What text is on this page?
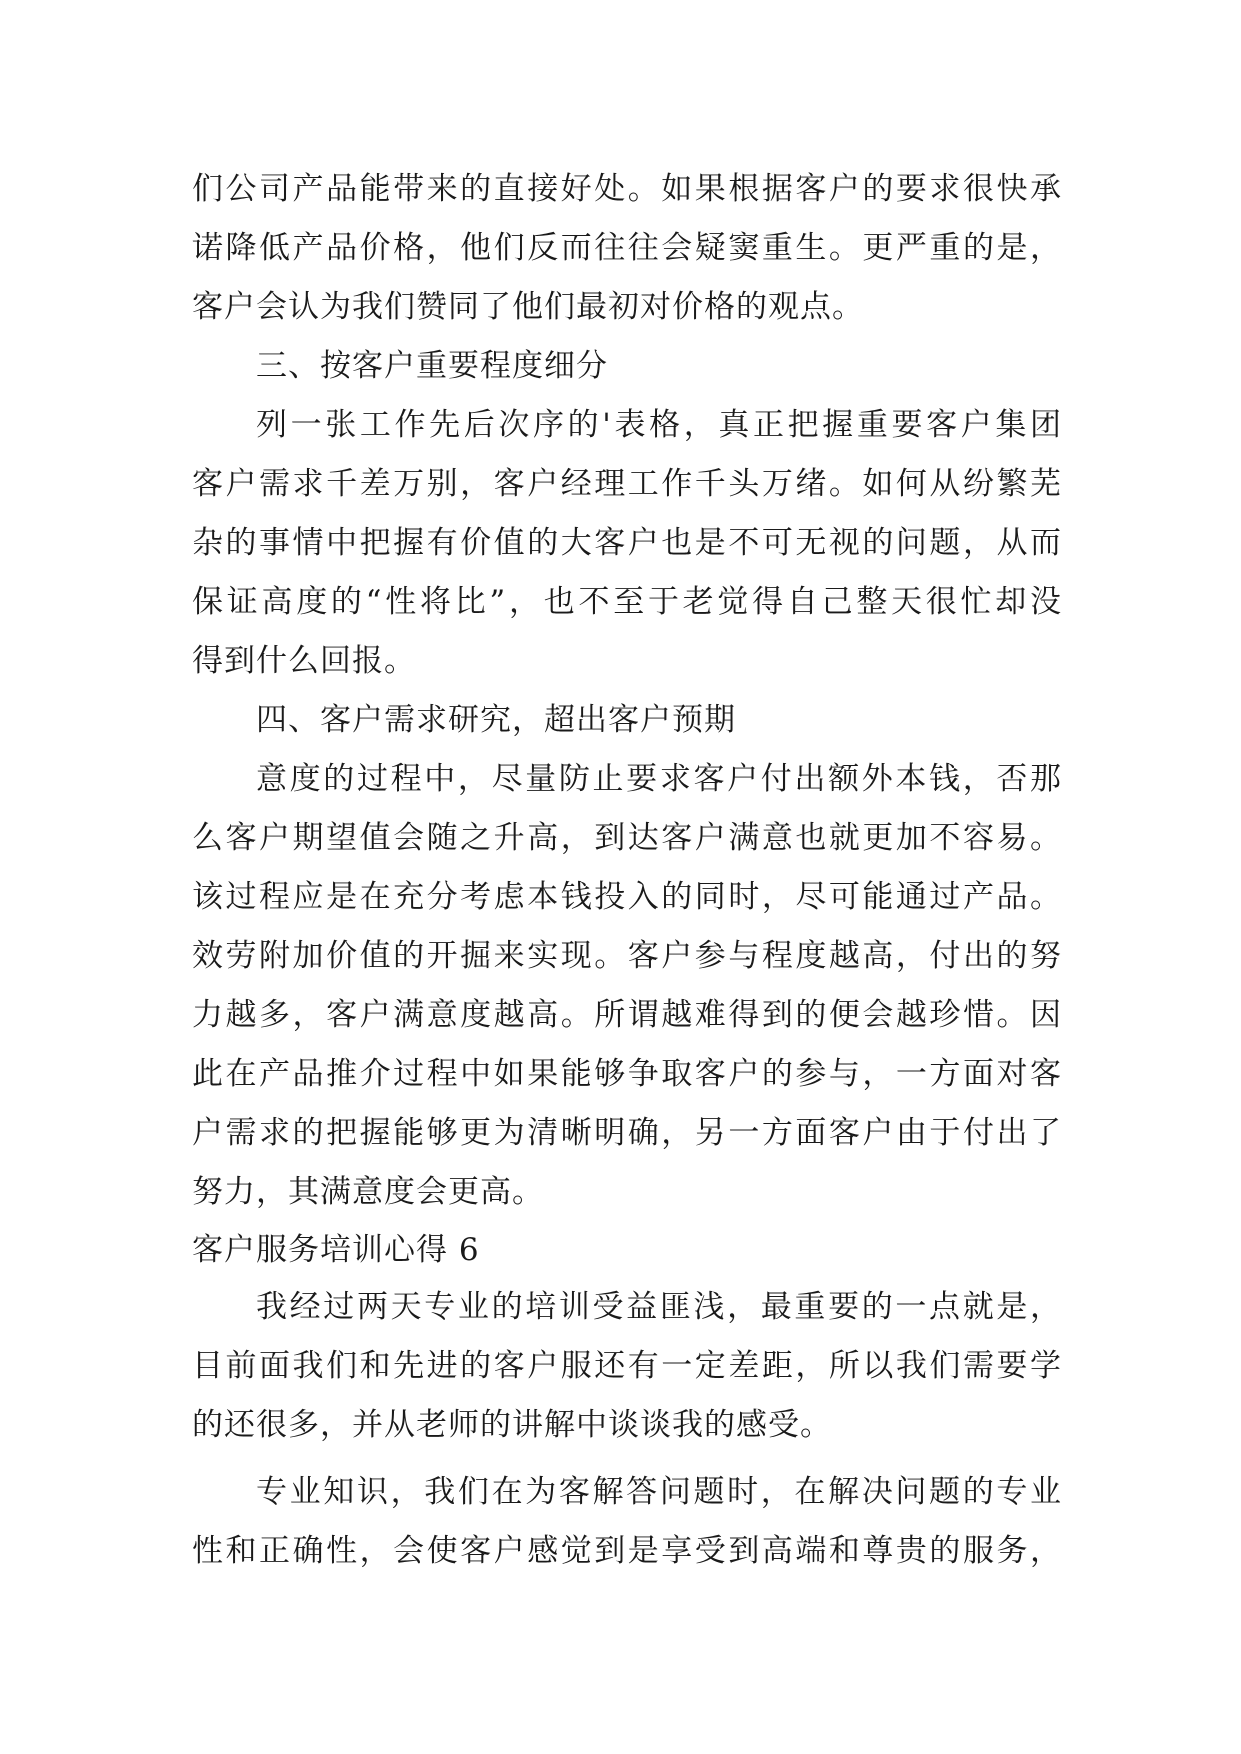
们公司产品能带来的直接好处。如果根据客户的要求很快承
诺降低产品价格，他们反而往往会疑窦重生。更严重的是，
客户会认为我们赞同了他们最初对价格的观点。
三、按客户重要程度细分
列一张工作先后次序的'表格，真正把握重要客户集团
客户需求千差万别，客户经理工作千头万绪。如何从纷繁芜
杂的事情中把握有价值的大客户也是不可无视的问题，从而
保证高度的“性将比”，也不至于老觉得自己整天很忙却没
得到什么回报。
四、客户需求研究，超出客户预期
意度的过程中，尽量防止要求客户付出额外本钱，否那
么客户期望值会随之升高，到达客户满意也就更加不容易。
该过程应是在充分考虑本钱投入的同时，尽可能通过产品。
效劳附加价值的开掘来实现。客户参与程度越高，付出的努
力越多，客户满意度越高。所谓越难得到的便会越珍惜。因
此在产品推介过程中如果能够争取客户的参与，一方面对客
户需求的把握能够更为清晰明确，另一方面客户由于付出了
努力，其满意度会更高。
客户服务培训心得 6
我经过两天专业的培训受益匪浅，最重要的一点就是，
目前面我们和先进的客户服还有一定差距，所以我们需要学
的还很多，并从老师的讲解中谈谈我的感受。
专业知识，我们在为客解答问题时，在解决问题的专业
性和正确性，会使客户感觉到是享受到高端和尊贵的服务，
